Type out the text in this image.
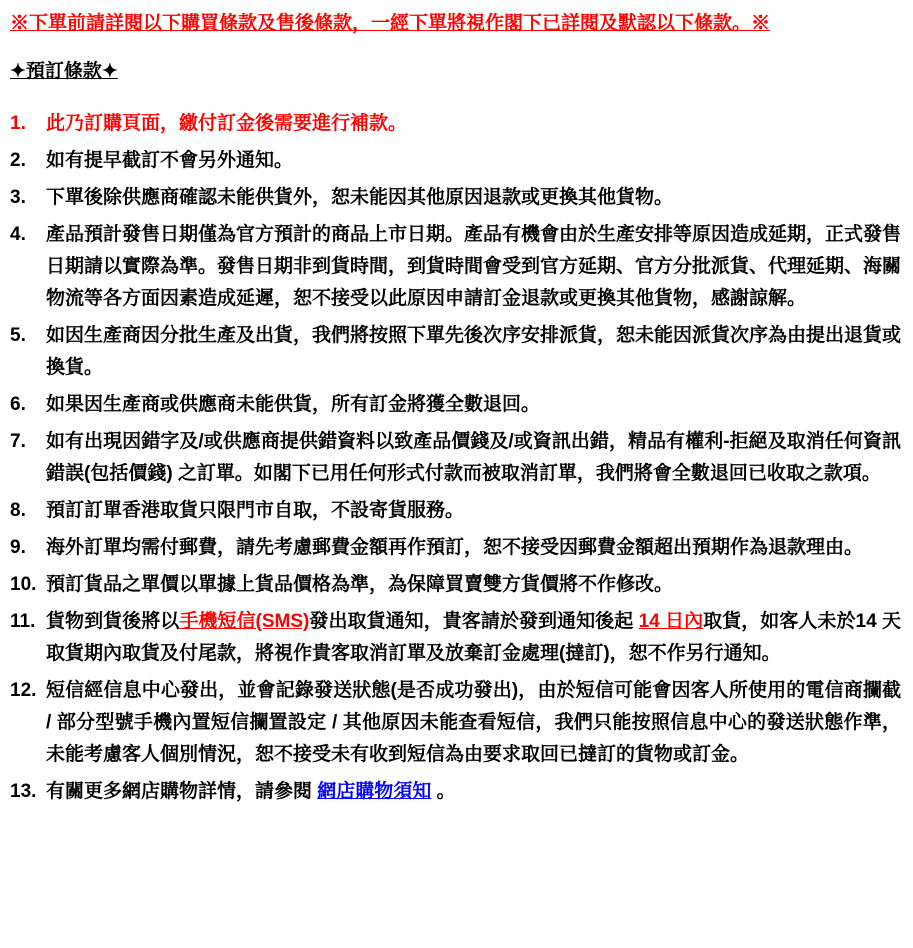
※下單前請詳閱以下購買條款及售後條款，一經下單將視作閣下已詳閱及默認以下條款。※
✦預訂條款✦
1.	此乃訂購頁面，繳付訂金後需要進行補款。
2.	如有提早截訂不會另外通知。
3.	下單後除供應商確認未能供貨外，恕未能因其他原因退款或更換其他貨物。
4.	產品預計發售日期僅為官方預計的商品上市日期。產品有機會由於生產安排等原因造成延期，正式發售日期請以實際為準。發售日期非到貨時間，到貨時間會受到官方延期、官方分批派貨、代理延期、海關物流等各方面因素造成延遲，恕不接受以此原因申請訂金退款或更換其他貨物，感謝諒解。
5.	如因生產商因分批生產及出貨，我們將按照下單先後次序安排派貨，恕未能因派貨次序為由提出退貨或換貨。
6.	如果因生產商或供應商未能供貨，所有訂金將獲全數退回。
7.	如有出現因錯字及/或供應商提供錯資料以致產品價錢及/或資訊出錯，精品有權利-拒絕及取消任何資訊錯誤(包括價錢) 之訂單。如閣下已用任何形式付款而被取消訂單，我們將會全數退回已收取之款項。
8.	預訂訂單香港取貨只限門市自取，不設寄貨服務。
9.	海外訂單均需付郵費，請先考慮郵費金額再作預訂，恕不接受因郵費金額超出預期作為退款理由。
10. 預訂貨品之單價以單據上貨品價格為準，為保障買賣雙方貨價將不作修改。
11. 貨物到貨後將以手機短信(SMS)發出取貨通知，貴客請於發到通知後起 14 日內取貨，如客人未於14 天取貨期內取貨及付尾款，將視作貴客取消訂單及放棄訂金處理(撻訂)，恕不作另行通知。
12. 短信經信息中心發出，並會記錄發送狀態(是否成功發出)，由於短信可能會因客人所使用的電信商攔截 / 部分型號手機內置短信攔置設定 / 其他原因未能查看短信，我們只能按照信息中心的發送狀態作準，未能考慮客人個別情況，恕不接受未有收到短信為由要求取回已撻訂的貨物或訂金。
13. 有關更多網店購物詳情，請參閱 網店購物須知 。
